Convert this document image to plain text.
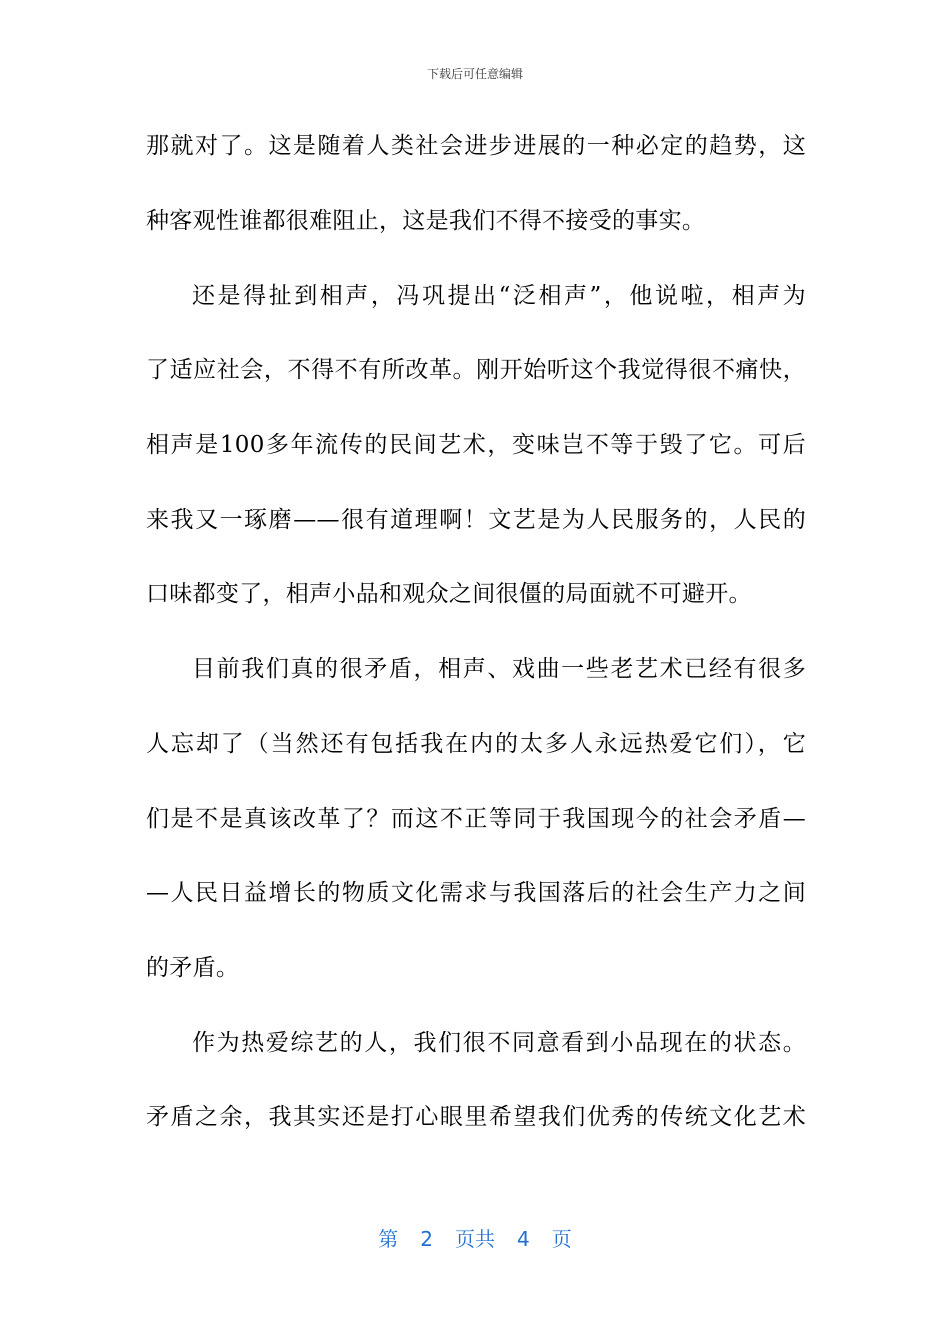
下载后可任意编辑
那就对了。这是随着人类社会进步进展的一种必定的趋势，这
种客观性谁都很难阻止，这是我们不得不接受的事实。
还是得扯到相声，冯巩提出“泛相声”，他说啦，相声为
了适应社会，不得不有所改革。刚开始听这个我觉得很不痛快，
相声是100多年流传的民间艺术，变味岂不等于毁了它。可后
来我又一琢磨——很有道理啊！文艺是为人民服务的，人民的
口味都变了，相声小品和观众之间很僵的局面就不可避开。
目前我们真的很矛盾，相声、戏曲一些老艺术已经有很多
人忘却了（当然还有包括我在内的太多人永远热爱它们），它
们是不是真该改革了？而这不正等同于我国现今的社会矛盾—
—人民日益增长的物质文化需求与我国落后的社会生产力之间
的矛盾。
作为热爱综艺的人，我们很不同意看到小品现在的状态。
矛盾之余，我其实还是打心眼里希望我们优秀的传统文化艺术
第 2 页共 4 页
